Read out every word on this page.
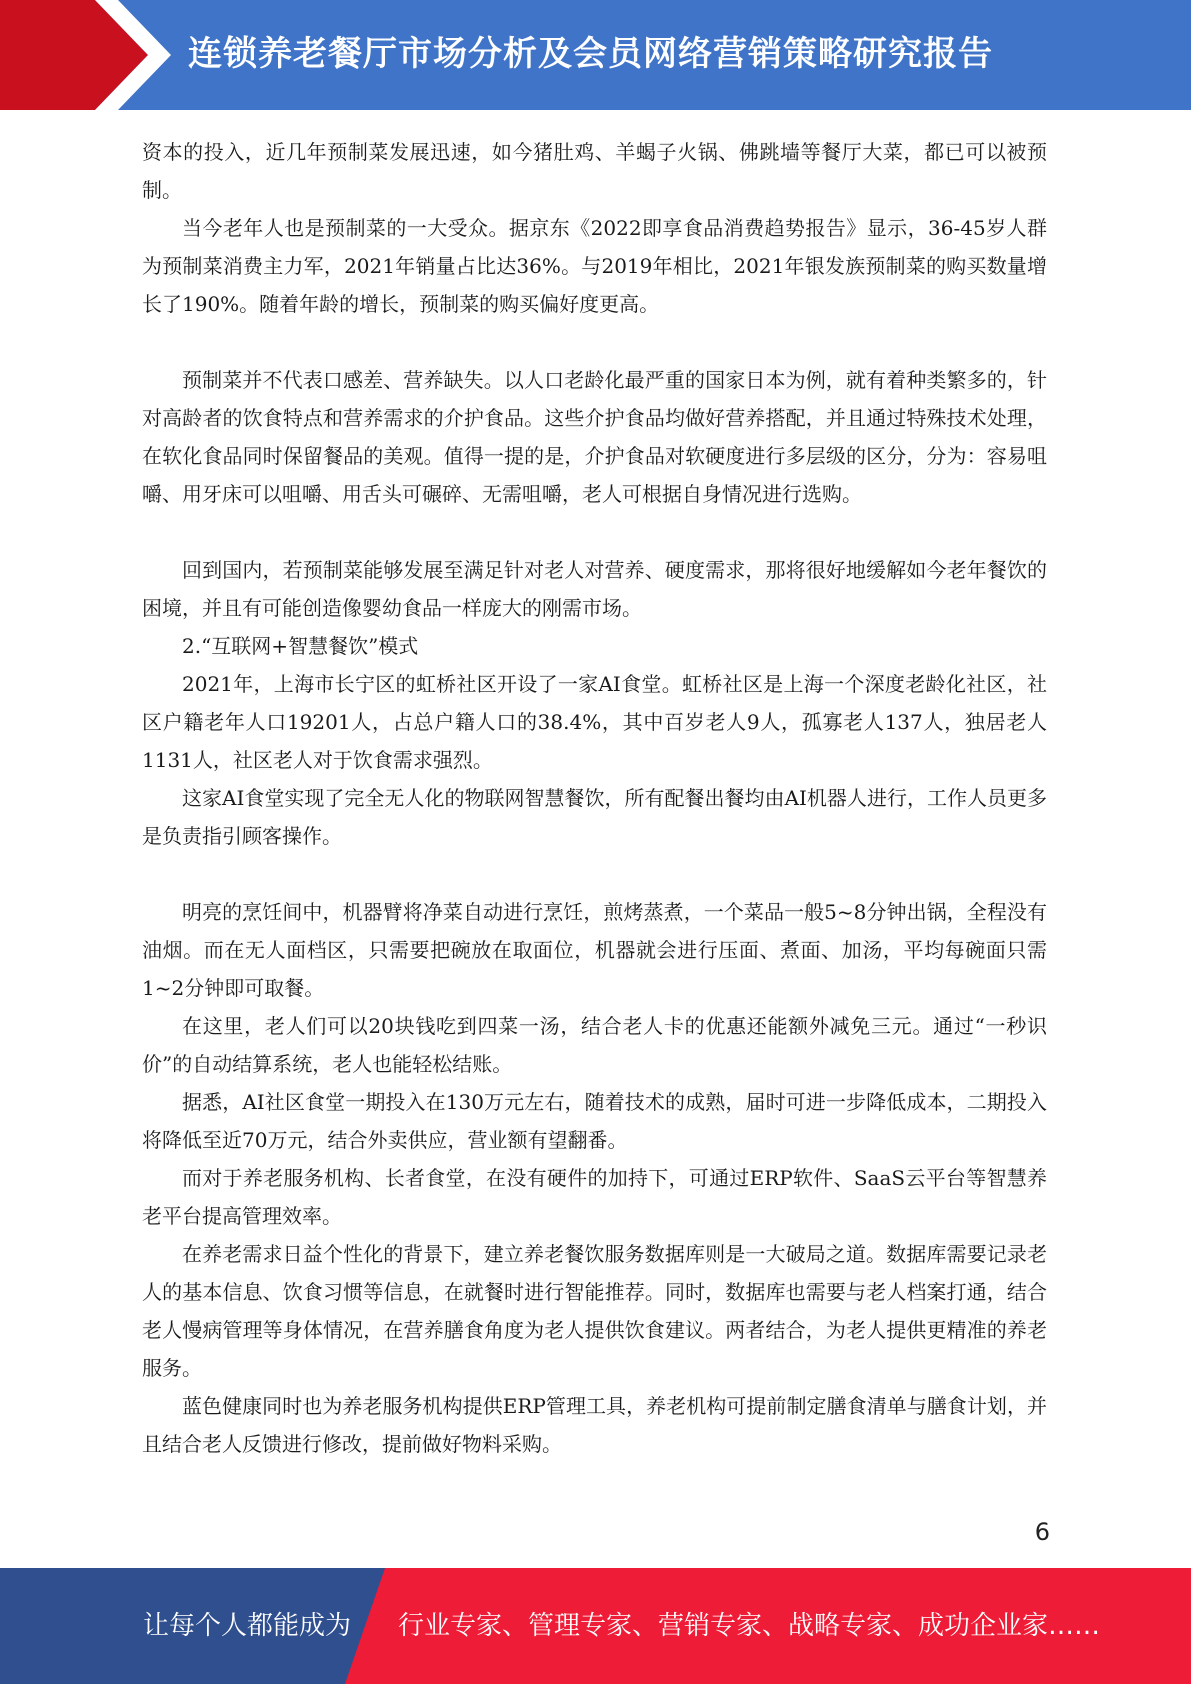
连锁养老餐厅市场分析及会员网络营销策略研究报告

资本的投入，近几年预制菜发展迅速，如今猪肚鸡、羊蝎子火锅、佛跳墙等餐厅大菜，都已可以被预制。

当今老年人也是预制菜的一大受众。据京东《2022即享食品消费趋势报告》显示，36-45岁人群为预制菜消费主力军，2021年销量占比达36%。与2019年相比，2021年银发族预制菜的购买数量增长了190%。随着年龄的增长，预制菜的购买偏好度更高。

预制菜并不代表口感差、营养缺失。以人口老龄化最严重的国家日本为例，就有着种类繁多的，针对高龄者的饮食特点和营养需求的介护食品。这些介护食品均做好营养搭配，并且通过特殊技术处理，在软化食品同时保留餐品的美观。值得一提的是，介护食品对软硬度进行多层级的区分，分为：容易咀嚼、用牙床可以咀嚼、用舌头可碾碎、无需咀嚼，老人可根据自身情况进行选购。

回到国内，若预制菜能够发展至满足针对老人对营养、硬度需求，那将很好地缓解如今老年餐饮的困境，并且有可能创造像婴幼食品一样庞大的刚需市场。

2.“互联网+智慧餐饮”模式

2021年，上海市长宁区的虹桥社区开设了一家AI食堂。虹桥社区是上海一个深度老龄化社区，社区户籍老年人口19201人，占总户籍人口的38.4%，其中百岁老人9人，孤寡老人137人，独居老人1131人，社区老人对于饮食需求强烈。

这家AI食堂实现了完全无人化的物联网智慧餐饮，所有配餐出餐均由AI机器人进行，工作人员更多是负责指引顾客操作。

明亮的烹饪间中，机器臂将净菜自动进行烹饪，煎烤蒸煮，一个菜品一般5~8分钟出锅，全程没有油烟。而在无人面档区，只需要把碗放在取面位，机器就会进行压面、煮面、加汤，平均每碗面只需1~2分钟即可取餐。

在这里，老人们可以20块钱吃到四菜一汤，结合老人卡的优惠还能额外减免三元。通过“一秒识价”的自动结算系统，老人也能轻松结账。

据悉，AI社区食堂一期投入在130万元左右，随着技术的成熟，届时可进一步降低成本，二期投入将降低至近70万元，结合外卖供应，营业额有望翻番。

而对于养老服务机构、长者食堂，在没有硬件的加持下，可通过ERP软件、SaaS云平台等智慧养老平台提高管理效率。

在养老需求日益个性化的背景下，建立养老餐饮服务数据库则是一大破局之道。数据库需要记录老人的基本信息、饮食习惯等信息，在就餐时进行智能推荐。同时，数据库也需要与老人档案打通，结合老人慢病管理等身体情况，在营养膳食角度为老人提供饮食建议。两者结合，为老人提供更精准的养老服务。

蓝色健康同时也为养老服务机构提供ERP管理工具，养老机构可提前制定膳食清单与膳食计划，并且结合老人反馈进行修改，提前做好物料采购。

6
让每个人都能成为 行业专家、管理专家、营销专家、战略专家、成功企业家……
